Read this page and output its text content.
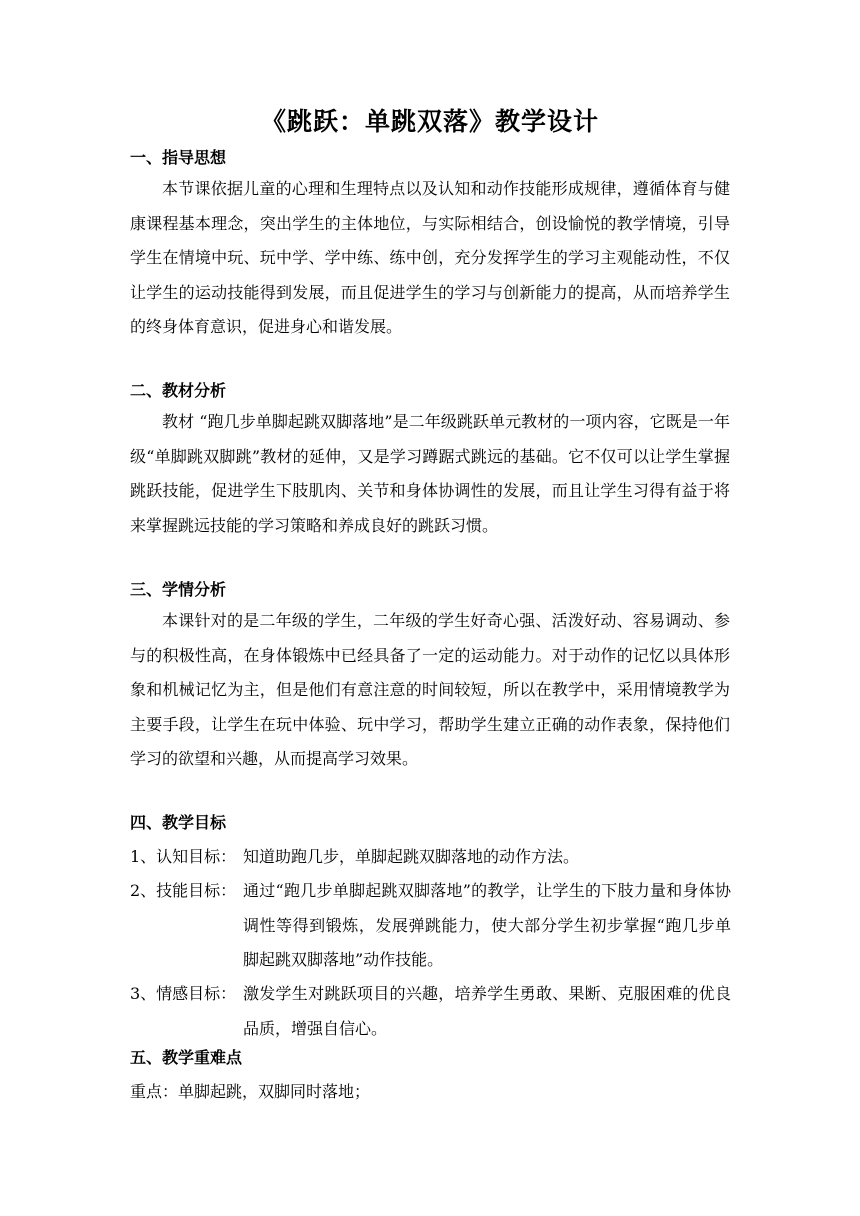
《跳跃：单跳双落》教学设计
一、指导思想
本节课依据儿童的心理和生理特点以及认知和动作技能形成规律，遵循体育与健康课程基本理念，突出学生的主体地位，与实际相结合，创设愉悦的教学情境，引导学生在情境中玩、玩中学、学中练、练中创，充分发挥学生的学习主观能动性，不仅让学生的运动技能得到发展，而且促进学生的学习与创新能力的提高，从而培养学生的终身体育意识，促进身心和谐发展。
二、教材分析
教材 “跑几步单脚起跳双脚落地”是二年级跳跃单元教材的一项内容，它既是一年级“单脚跳双脚跳”教材的延伸，又是学习蹲踞式跳远的基础。它不仅可以让学生掌握跳跃技能，促进学生下肢肌肉、关节和身体协调性的发展，而且让学生习得有益于将来掌握跳远技能的学习策略和养成良好的跳跃习惯。
三、学情分析
本课针对的是二年级的学生，二年级的学生好奇心强、活泼好动、容易调动、参与的积极性高，在身体锻炼中已经具备了一定的运动能力。对于动作的记忆以具体形象和机械记忆为主，但是他们有意注意的时间较短，所以在教学中，采用情境教学为主要手段，让学生在玩中体验、玩中学习，帮助学生建立正确的动作表象，保持他们学习的欲望和兴趣，从而提高学习效果。
四、教学目标
1、认知目标： 知道助跑几步，单脚起跳双脚落地的动作方法。
2、技能目标： 通过“跑几步单脚起跳双脚落地”的教学，让学生的下肢力量和身体协调性等得到锻炼，发展弹跳能力，使大部分学生初步掌握“跑几步单脚起跳双脚落地”动作技能。
3、情感目标： 激发学生对跳跃项目的兴趣，培养学生勇敢、果断、克服困难的优良品质，增强自信心。
五、教学重难点
重点：单脚起跳，双脚同时落地；
